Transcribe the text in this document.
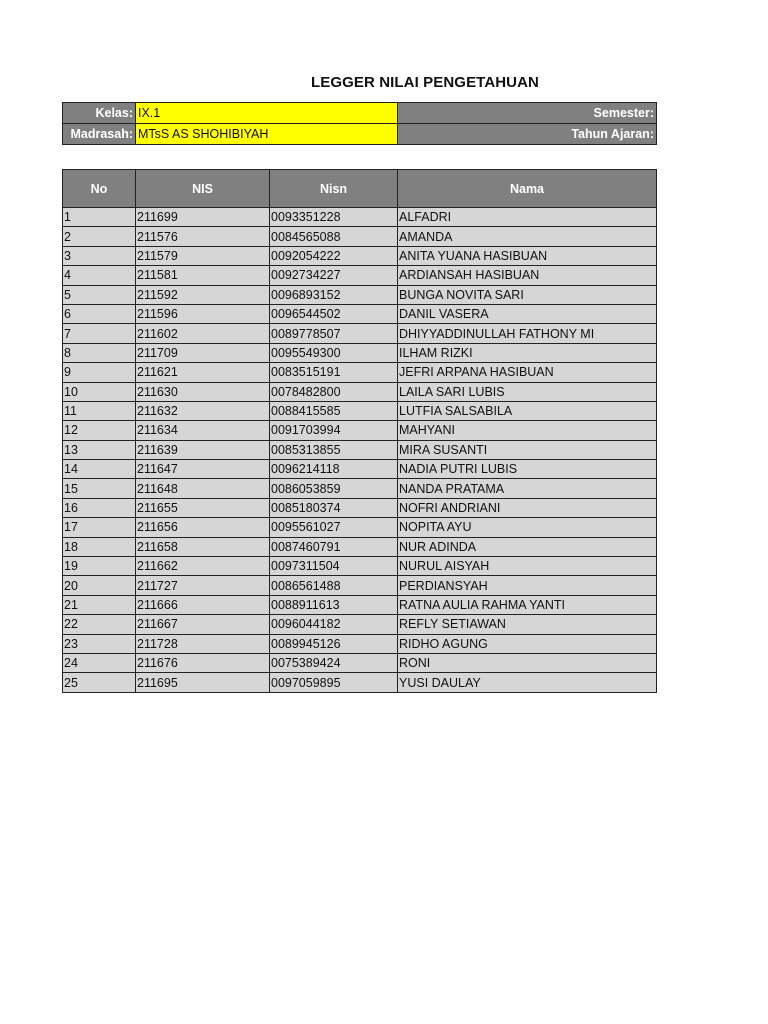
LEGGER NILAI PENGETAHUAN
Kelas:	IX.1	Semester:
Madrasah:	MTsS AS SHOHIBIYAH	Tahun Ajaran:
No	NIS	Nisn	Nama
1	211699	0093351228	ALFADRI
2	211576	0084565088	AMANDA
3	211579	0092054222	ANITA YUANA HASIBUAN
4	211581	0092734227	ARDIANSAH HASIBUAN
5	211592	0096893152	BUNGA NOVITA SARI
6	211596	0096544502	DANIL VASERA
7	211602	0089778507	DHIYYADDINULLAH FATHONY MI
8	211709	0095549300	ILHAM RIZKI
9	211621	0083515191	JEFRI ARPANA HASIBUAN
10	211630	0078482800	LAILA SARI LUBIS
11	211632	0088415585	LUTFIA SALSABILA
12	211634	0091703994	MAHYANI
13	211639	0085313855	MIRA SUSANTI
14	211647	0096214118	NADIA PUTRI LUBIS
15	211648	0086053859	NANDA PRATAMA
16	211655	0085180374	NOFRI ANDRIANI
17	211656	0095561027	NOPITA AYU
18	211658	0087460791	NUR ADINDA
19	211662	0097311504	NURUL AISYAH
20	211727	0086561488	PERDIANSYAH
21	211666	0088911613	RATNA AULIA RAHMA YANTI
22	211667	0096044182	REFLY SETIAWAN
23	211728	0089945126	RIDHO AGUNG
24	211676	0075389424	RONI
25	211695	0097059895	YUSI DAULAY
